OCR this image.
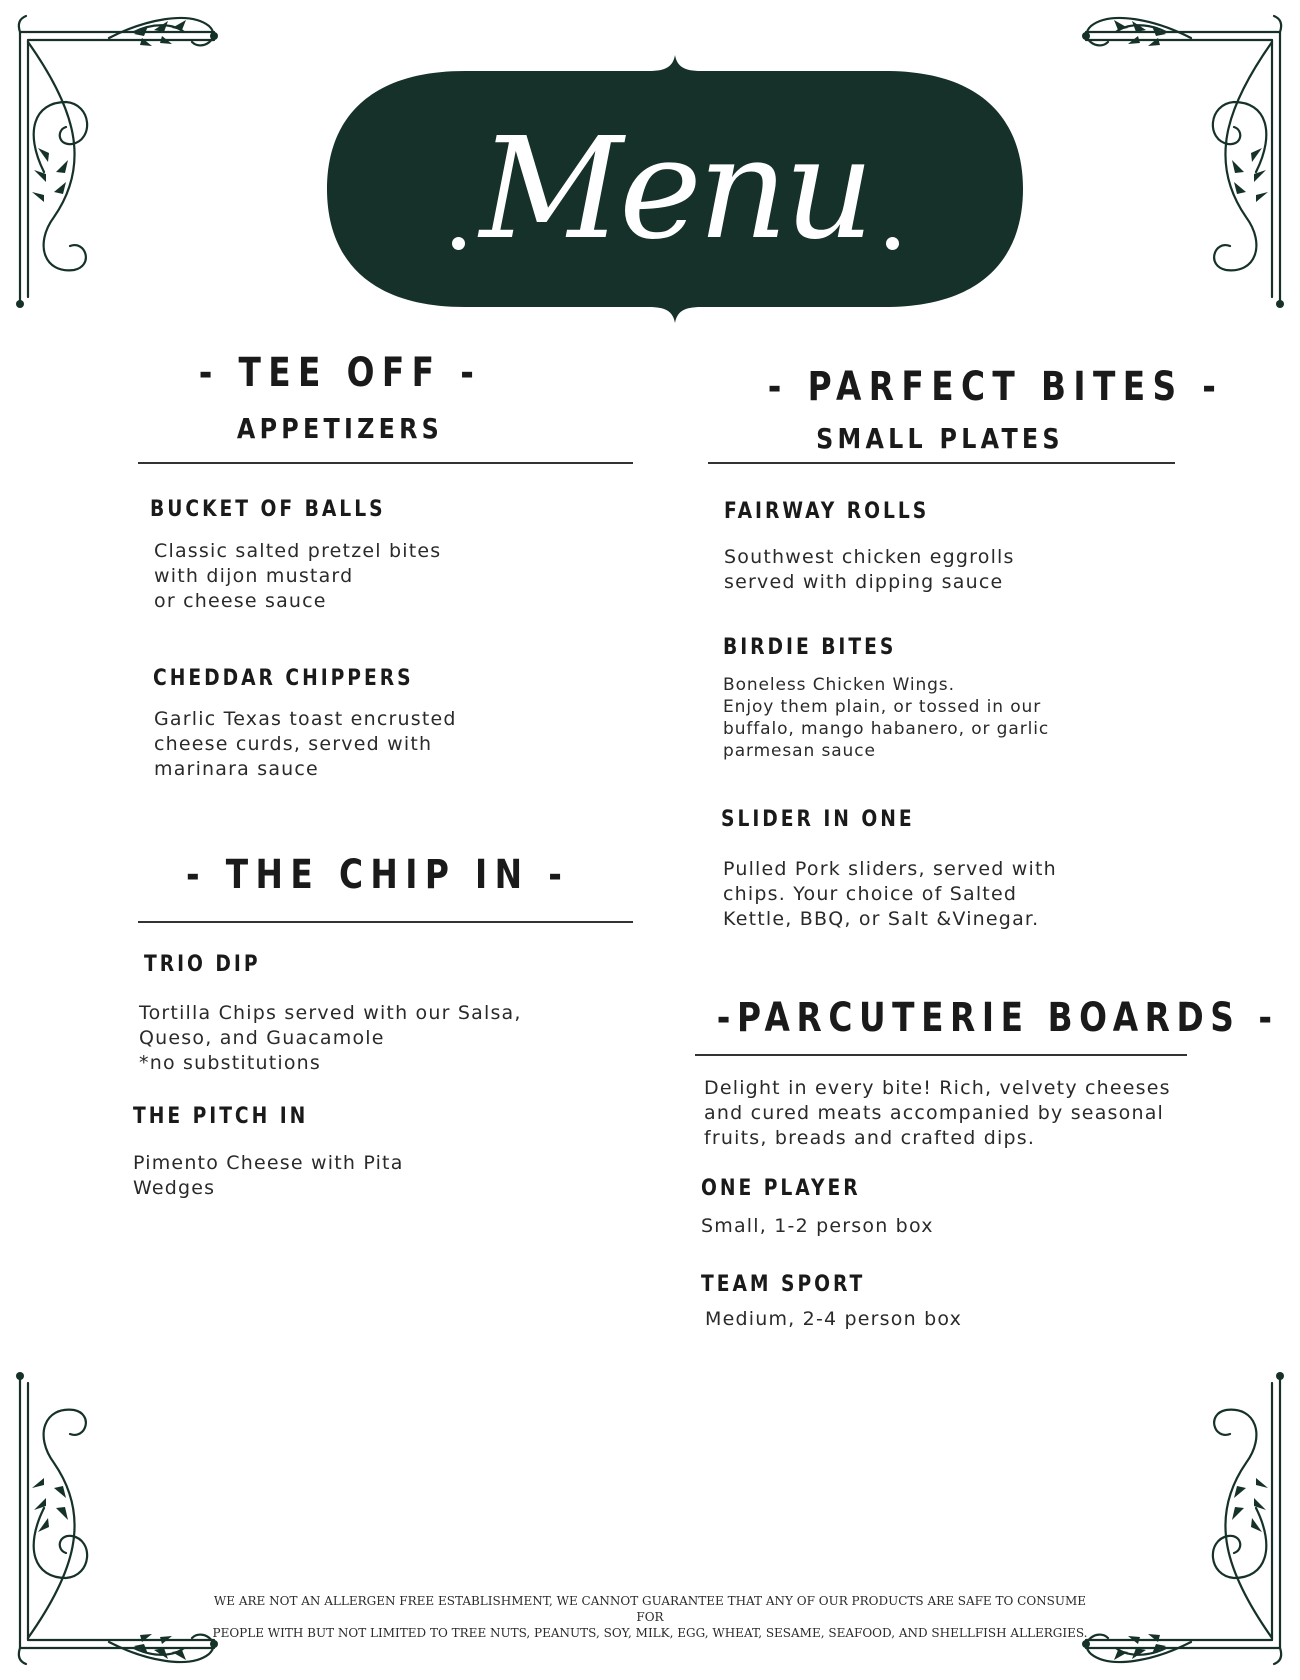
Menu
- TEE OFF -
APPETIZERS
BUCKET OF BALLS
Classic salted pretzel bites
with dijon mustard
or cheese sauce
CHEDDAR CHIPPERS
Garlic Texas toast encrusted
cheese curds, served with
marinara sauce
- THE CHIP IN -
TRIO DIP
Tortilla Chips served with our Salsa,
Queso, and Guacamole
*no substitutions
THE PITCH IN
Pimento Cheese with Pita
Wedges
- PARFECT BITES -
SMALL PLATES
FAIRWAY ROLLS
Southwest chicken eggrolls
served with dipping sauce
BIRDIE BITES
Boneless Chicken Wings.
Enjoy them plain, or tossed in our
buffalo, mango habanero, or garlic
parmesan sauce
SLIDER IN ONE
Pulled Pork sliders, served with
chips. Your choice of Salted
Kettle, BBQ, or Salt &Vinegar.
-PARCUTERIE BOARDS -
Delight in every bite! Rich, velvety cheeses
and cured meats accompanied by seasonal
fruits, breads and crafted dips.
ONE PLAYER
Small, 1-2 person box
TEAM SPORT
Medium, 2-4 person box
WE ARE NOT AN ALLERGEN FREE ESTABLISHMENT, WE CANNOT GUARANTEE THAT ANY OF OUR PRODUCTS ARE SAFE TO CONSUME FOR
PEOPLE WITH BUT NOT LIMITED TO TREE NUTS, PEANUTS, SOY, MILK, EGG, WHEAT, SESAME, SEAFOOD, AND SHELLFISH ALLERGIES.
